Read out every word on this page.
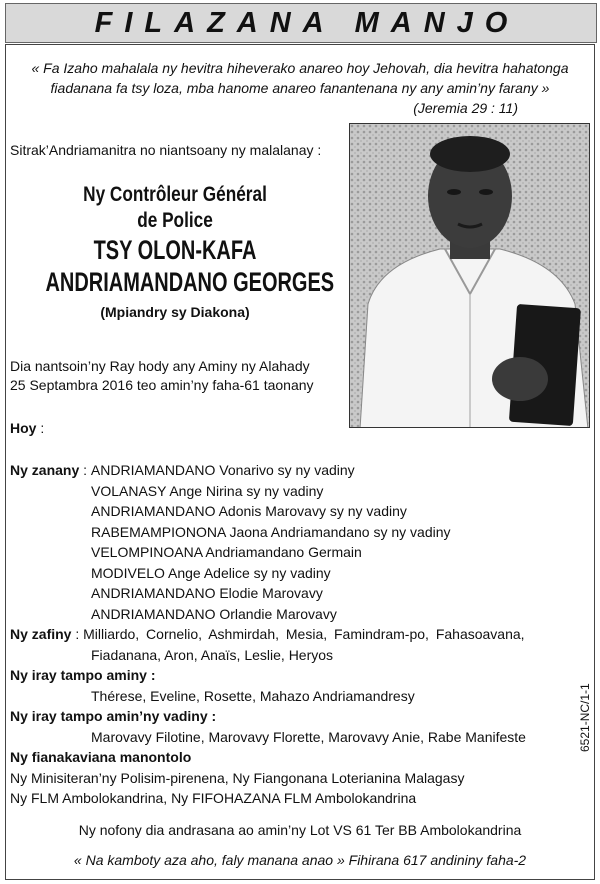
FILAZANA MANJO
« Fa Izaho mahalala ny hevitra hiheverako anareo hoy Jehovah, dia hevitra hahatonga fiadanana fa tsy loza, mba hanome anareo fanantenana ny any amin’ny farany »
(Jeremia 29 : 11)
Sitrak’Andriamanitra no niantsoany ny malalanay :
Ny Contrôleur Général
de Police
TSY OLON-KAFA
ANDRIAMANDANO GEORGES
(Mpiandry sy Diakona)
Dia nantsoin’ny Ray hody any Aminy ny Alahady
25 Septambra 2016 teo amin’ny faha-61 taonany
Hoy :
Ny zanany : ANDRIAMANDANO Vonarivo sy ny vadiny
VOLANASY Ange Nirina sy ny vadiny
ANDRIAMANDANO Adonis Marovavy sy ny vadiny
RABEMAMPIONONA Jaona Andriamandano sy ny vadiny
VELOMPINOANA Andriamandano Germain
MODIVELO Ange Adelice sy ny vadiny
ANDRIAMANDANO Elodie Marovavy
ANDRIAMANDANO Orlandie Marovavy
Ny zafiny : Milliardo, Cornelio, Ashmirdah, Mesia, Famindram-po, Fahasoavana,
Fiadanana, Aron, Anaïs, Leslie, Heryos
Ny iray tampo aminy :
Thérese, Eveline, Rosette, Mahazo Andriamandresy
Ny iray tampo amin’ny vadiny :
Marovavy Filotine, Marovavy Florette, Marovavy Anie, Rabe Manifeste
Ny fianakaviana manontolo
Ny Minisiteran’ny Polisim-pirenena, Ny Fiangonana Loterianina Malagasy
Ny FLM Ambolokandrina, Ny FIFOHAZANA FLM Ambolokandrina
6521-NC/1-1
Ny nofony dia andrasana ao amin’ny Lot VS 61 Ter BB Ambolokandrina
« Na kamboty aza aho, faly manana anao » Fihirana 617 andininy faha-2
